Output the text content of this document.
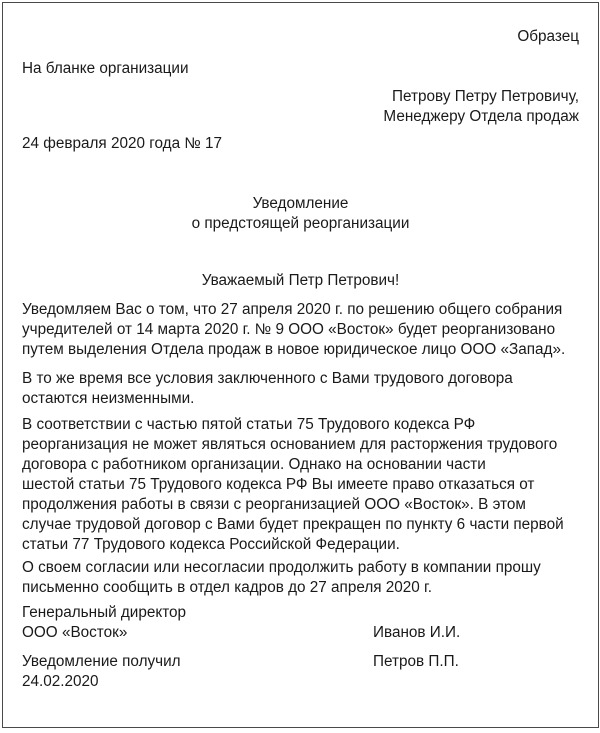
Образец
На бланке организации
Петрову Петру Петровичу,
Менеджеру Отдела продаж
24 февраля 2020 года № 17
Уведомление
о предстоящей реорганизации
Уважаемый Петр Петрович!
Уведомляем Вас о том, что 27 апреля 2020 г. по решению общего собрания
учредителей от 14 марта 2020 г. № 9 ООО «Восток» будет реорганизовано
путем выделения Отдела продаж в новое юридическое лицо ООО «Запад».
В то же время все условия заключенного с Вами трудового договора
остаются неизменными.
В соответствии с частью пятой статьи 75 Трудового кодекса РФ
реорганизация не может являться основанием для расторжения трудового
договора с работником организации. Однако на основании части
шестой статьи 75 Трудового кодекса РФ Вы имеете право отказаться от
продолжения работы в связи с реорганизацией ООО «Восток». В этом
случае трудовой договор с Вами будет прекращен по пункту 6 части первой
статьи 77 Трудового кодекса Российской Федерации.
О своем согласии или несогласии продолжить работу в компании прошу
письменно сообщить в отдел кадров до 27 апреля 2020 г.
Генеральный директор
ООО «Восток»	Иванов И.И.
Уведомление получил	Петров П.П.
24.02.2020
